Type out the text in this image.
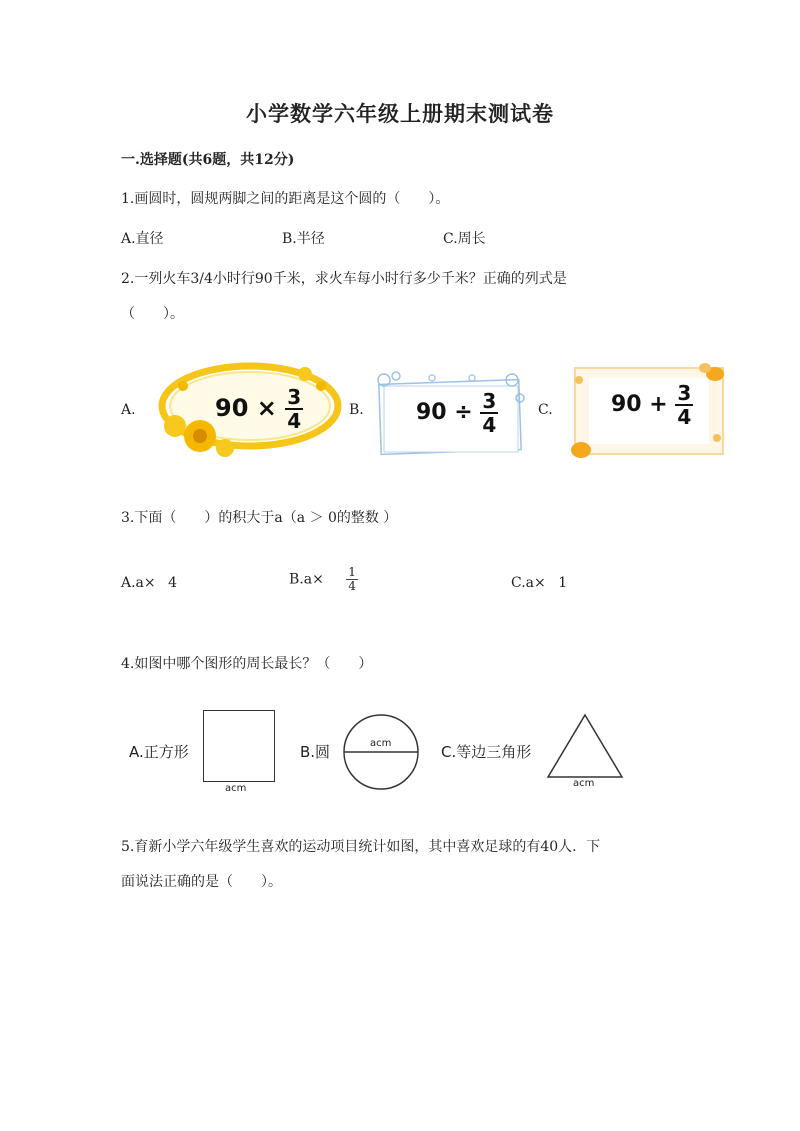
小学数学六年级上册期末测试卷
一.选择题(共6题，共12分)
1.画圆时，圆规两脚之间的距离是这个圆的（　　）。
A.直径	B.半径	C.周长
2.一列火车3/4小时行90千米，求火车每小时行多少千米？正确的列式是
（　　）。
A.	$90 \times \frac{3}{4}$	B. $90 \div \frac{3}{4}$	C.	$90 + \frac{3}{4}$
3.下面（　　）的积大于a（a ＞ 0的整数 ）
A.a× 4	$B.a\times \frac{1}{4}$	C.a× 1
4.如图中哪个图形的周长最长？（　　）
A.正方形
acm
B.圆	acm	C.等边三角形
acm
5.育新小学六年级学生喜欢的运动项目统计如图，其中喜欢足球的有40人．下
面说法正确的是（　　）。
